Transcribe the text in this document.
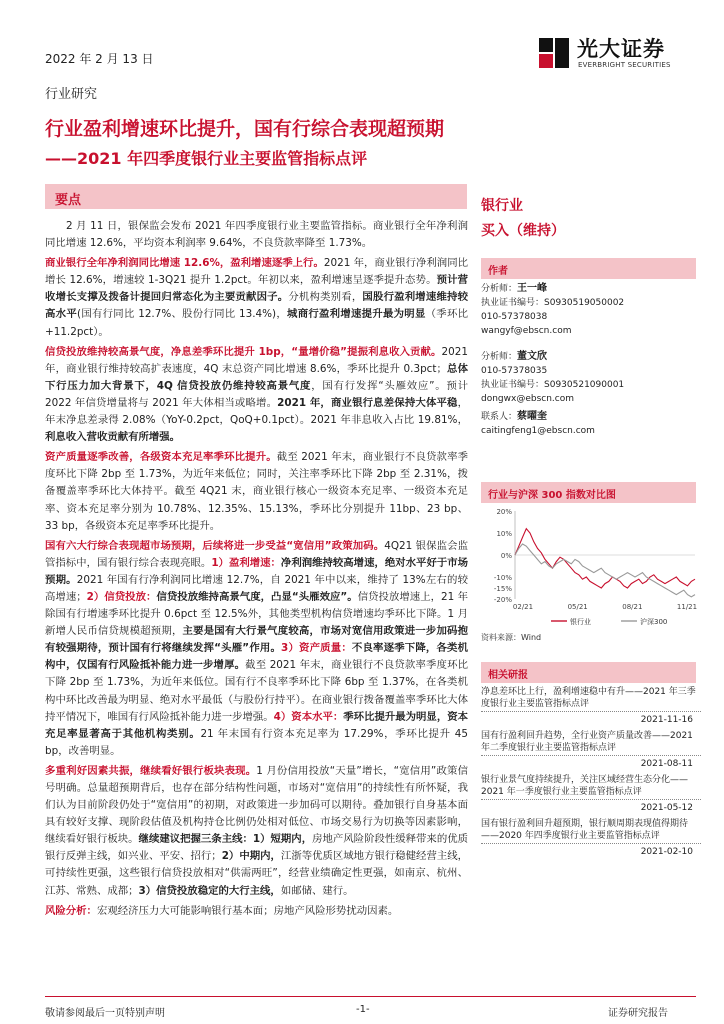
2022 年 2 月 13 日	光大证券
EVERBRIGHT SECURITIES
行业研究
行业盈利增速环比提升，国有行综合表现超预期
——2021 年四季度银行业主要监管指标点评
要点

2 月 11 日，银保监会发布 2021 年四季度银行业主要监管指标。商业银行全年净利润同比增速 12.6%，平均资本利润率 9.64%，不良贷款率降至 1.73%。

商业银行全年净利润同比增速 12.6%，盈利增速逐季上行。2021 年，商业银行净利润同比增长 12.6%，增速较 1-3Q21 提升 1.2pct。年初以来，盈利增速呈逐季提升态势。预计营收增长支撑及拨备计提回归常态化为主要贡献因子。分机构类别看，国股行盈利增速维持较高水平(国有行同比 12.7%、股份行同比 13.4%)，城商行盈利增速提升最为明显（季环比+11.2pct）。

信贷投放维持较高景气度，净息差季环比提升 1bp，“量增价稳”提振利息收入贡献。2021 年，商业银行维持较高扩表速度，4Q 末总资产同比增速 8.6%，季环比提升 0.3pct；总体下行压力加大背景下，4Q 信贷投放仍维持较高景气度，国有行发挥“头雁效应”。预计 2022 年信贷增量将与 2021 年大体相当或略增。2021 年，商业银行息差保持大体平稳，年末净息差录得 2.08%（YoY-0.2pct，QoQ+0.1pct）。2021 年非息收入占比 19.81%，利息收入营收贡献有所增强。

资产质量逐季改善，各级资本充足率季环比提升。截至 2021 年末，商业银行不良贷款率季度环比下降 2bp 至 1.73%，为近年来低位；同时，关注率季环比下降 2bp 至 2.31%，拨备覆盖率季环比大体持平。截至 4Q21 末，商业银行核心一级资本充足率、一级资本充足率、资本充足率分别为 10.78%、12.35%、15.13%，季环比分别提升 11bp、23 bp、33 bp，各级资本充足率季环比提升。

国有六大行综合表现超市场预期，后续将进一步受益“宽信用”政策加码。4Q21 银保监会监管指标中，国有银行综合表现亮眼。1）盈利增速：净利润维持较高增速，绝对水平好于市场预期。2021 年国有行净利润同比增速 12.7%，自 2021 年中以来，维持了 13%左右的较高增速；2）信贷投放：信贷投放维持高景气度，凸显“头雁效应”。信贷投放增速上，21 年除国有行增速季环比提升 0.6pct 至 12.5%外，其他类型机构信贷增速均季环比下降。1 月新增人民币信贷规模超预期，主要是国有大行景气度较高，市场对宽信用政策进一步加码抱有较强期待，预计国有行将继续发挥“头雁”作用。3）资产质量：不良率逐季下降，各类机构中，仅国有行风险抵补能力进一步增厚。截至 2021 年末，商业银行不良贷款率季度环比下降 2bp 至 1.73%，为近年来低位。国有行不良率季环比下降 6bp 至 1.37%，在各类机构中环比改善最为明显、绝对水平最低（与股份行持平）。在商业银行拨备覆盖率季环比大体持平情况下，唯国有行风险抵补能力进一步增强。4）资本水平：季环比提升最为明显，资本充足率显著高于其他机构类别。21 年末国有行资本充足率为 17.29%，季环比提升 45 bp，改善明显。

多重利好因素共振，继续看好银行板块表现。1 月份信用投放“天量”增长，“宽信用”政策信号明确。总量超预期背后，也存在部分结构性问题，市场对“宽信用”的持续性有所怀疑，我们认为目前阶段仍处于“宽信用”的初期，对政策进一步加码可以期待。叠加银行自身基本面具有较好支撑、现阶段估值及机构持仓比例仍处相对低位、市场交易行为切换等因素影响，继续看好银行板块。继续建议把握三条主线：1）短期内，房地产风险阶段性缓释带来的优质银行反弹主线，如兴业、平安、招行；2）中期内，江浙等优质区域地方银行稳健经营主线，可持续性更强，这些银行信贷投放相对“供需两旺”，经营业绩确定性更强，如南京、杭州、江苏、常熟、成都；3）信贷投放稳定的大行主线，如邮储、建行。

风险分析：宏观经济压力大可能影响银行基本面；房地产风险形势扰动因素。

银行业
买入（维持）
作者
分析师：王一峰
执业证书编号：S0930519050002
010-57378038
wangyf@ebscn.com
分析师：董文欣
010-57378035
执业证书编号：S0930521090001
dongwx@ebscn.com
联系人：蔡曜奎
caitingfeng1@ebscn.com
行业与沪深 300 指数对比图
20%
10%
0%
-10%
-15%
-20%
02/21	05/21	08/21	11/21
银行业	沪深300
资料来源：Wind
相关研报
净息差环比上行，盈利增速稳中有升——2021 年三季度银行业主要监管指标点评
2021-11-16
国有行盈利回升趋势，全行业资产质量改善——2021 年二季度银行业主要监管指标点评
2021-08-11
银行业景气度持续提升，关注区域经营生态分化——2021 年一季度银行业主要监管指标点评
2021-05-12
国有银行盈利回升超预期，银行顺周期表现值得期待——2020 年四季度银行业主要监管指标点评
2021-02-10
敬请参阅最后一页特别声明	-1-	证券研究报告
